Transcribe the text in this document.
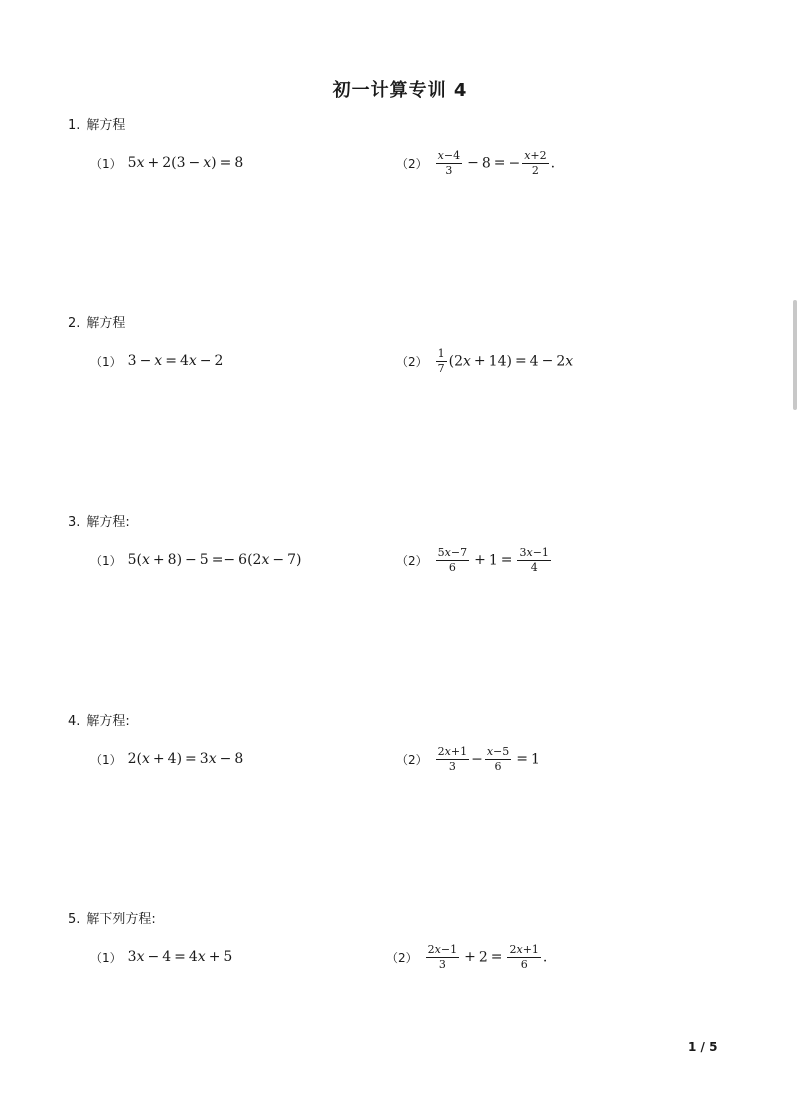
初一计算专训 4
1. 解方程
（1） 5x + 2(3 − x) = 8	$(2) \frac{x-4}{3} - 8$ = − $\frac{x+2}{2}$ .
2. 解方程
（1） 3 − x = 4x − 2	$(2) \frac{1}{7} (2x + 14) = 4 - 2x$
3. 解方程:
（1） 5(x + 8) − 5 =− 6(2x − 7)	$(2) \frac{5x-7}{6} + 1 = \frac{3x-1}{4}$
4. 解方程:
（1） 2(x + 4) = 3x − 8	$(2) \frac{2x+1}{3} - \frac{x-5}{6} = 1$
5. 解下列方程:
（1） 3x − 4 = 4x + 5	$(2) \frac{2x-1}{3} + 2 = \frac{2x+1}{6}$ .
1 / 5
